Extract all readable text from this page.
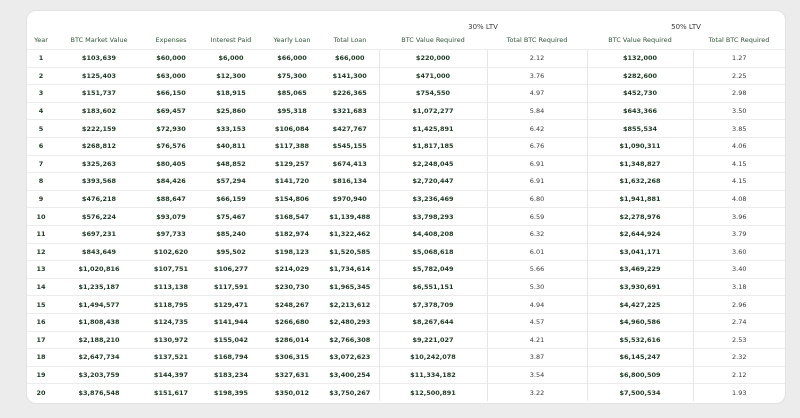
						30% LTV		50% LTV	
Year	BTC Market Value	Expenses	Interest Paid	Yearly Loan	Total Loan	BTC Value Required	Total BTC Required	BTC Value Required	Total BTC Required
1	$103,639	$60,000	$6,000	$66,000	$66,000	$220,000	2.12	$132,000	1.27
2	$125,403	$63,000	$12,300	$75,300	$141,300	$471,000	3.76	$282,600	2.25
3	$151,737	$66,150	$18,915	$85,065	$226,365	$754,550	4.97	$452,730	2.98
4	$183,602	$69,457	$25,860	$95,318	$321,683	$1,072,277	5.84	$643,366	3.50
5	$222,159	$72,930	$33,153	$106,084	$427,767	$1,425,891	6.42	$855,534	3.85
6	$268,812	$76,576	$40,811	$117,388	$545,155	$1,817,185	6.76	$1,090,311	4.06
7	$325,263	$80,405	$48,852	$129,257	$674,413	$2,248,045	6.91	$1,348,827	4.15
8	$393,568	$84,426	$57,294	$141,720	$816,134	$2,720,447	6.91	$1,632,268	4.15
9	$476,218	$88,647	$66,159	$154,806	$970,940	$3,236,469	6.80	$1,941,881	4.08
10	$576,224	$93,079	$75,467	$168,547	$1,139,488	$3,798,293	6.59	$2,278,976	3.96
11	$697,231	$97,733	$85,240	$182,974	$1,322,462	$4,408,208	6.32	$2,644,924	3.79
12	$843,649	$102,620	$95,502	$198,123	$1,520,585	$5,068,618	6.01	$3,041,171	3.60
13	$1,020,816	$107,751	$106,277	$214,029	$1,734,614	$5,782,049	5.66	$3,469,229	3.40
14	$1,235,187	$113,138	$117,591	$230,730	$1,965,345	$6,551,151	5.30	$3,930,691	3.18
15	$1,494,577	$118,795	$129,471	$248,267	$2,213,612	$7,378,709	4.94	$4,427,225	2.96
16	$1,808,438	$124,735	$141,944	$266,680	$2,480,293	$8,267,644	4.57	$4,960,586	2.74
17	$2,188,210	$130,972	$155,042	$286,014	$2,766,308	$9,221,027	4.21	$5,532,616	2.53
18	$2,647,734	$137,521	$168,794	$306,315	$3,072,623	$10,242,078	3.87	$6,145,247	2.32
19	$3,203,759	$144,397	$183,234	$327,631	$3,400,254	$11,334,182	3.54	$6,800,509	2.12
20	$3,876,548	$151,617	$198,395	$350,012	$3,750,267	$12,500,891	3.22	$7,500,534	1.93
